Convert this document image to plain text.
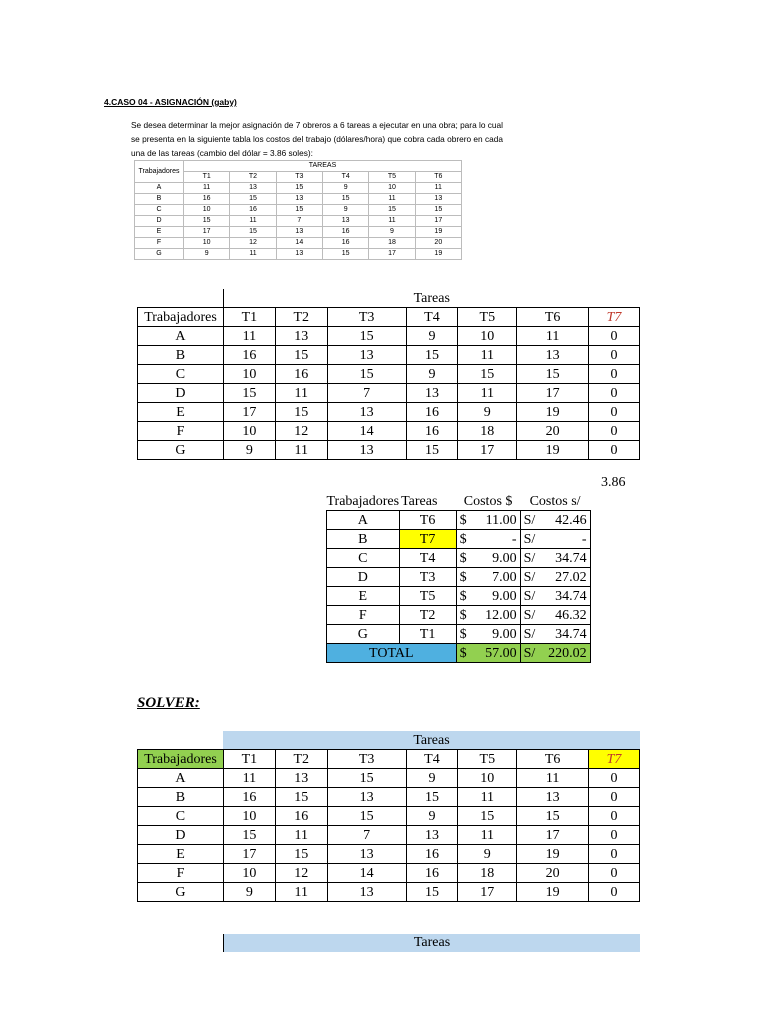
4.CASO 04 - ASIGNACIÓN (gaby)
Se desea determinar la mejor asignación de 7 obreros a 6 tareas a ejecutar en una obra; para lo cual se presenta en la siguiente tabla los costos del trabajo (dólares/hora) que cobra cada obrero en cada una de las tareas (cambio del dólar = 3.86 soles):
Trabajadores	TAREAS					
	T1	T2	T3	T4	T5	T6
A	11	13	15	9	10	11
B	16	15	13	15	11	13
C	10	16	15	9	15	15
D	15	11	7	13	11	17
E	17	15	13	16	9	19
F	10	12	14	16	18	20
G	9	11	13	15	17	19
	Tareas						
Trabajadores	T1	T2	T3	T4	T5	T6	T7
A	11	13	15	9	10	11	0
B	16	15	13	15	11	13	0
C	10	16	15	9	15	15	0
D	15	11	7	13	11	17	0
E	17	15	13	16	9	19	0
F	10	12	14	16	18	20	0
G	9	11	13	15	17	19	0
3.86
Trabajadores	Tareas	Costos $	Costos s/
A	T6	$ 11.00	S/ 42.46

B	T7	$ -	S/ -

C	T4	$ 9.00	S/ 34.74

D	T3	$ 7.00	S/ 27.02

E	T5	$ 9.00	S/ 34.74

F	T2	$ 12.00	S/ 46.32

G	T1	$ 9.00	S/ 34.74

TOTAL		$ 57.00	S/ 220.02
SOLVER:
	Tareas						
Trabajadores	T1	T2	T3	T4	T5	T6	T7
A	11	13	15	9	10	11	0
B	16	15	13	15	11	13	0
C	10	16	15	9	15	15	0
D	15	11	7	13	11	17	0
E	17	15	13	16	9	19	0
F	10	12	14	16	18	20	0
G	9	11	13	15	17	19	0
Tareas
